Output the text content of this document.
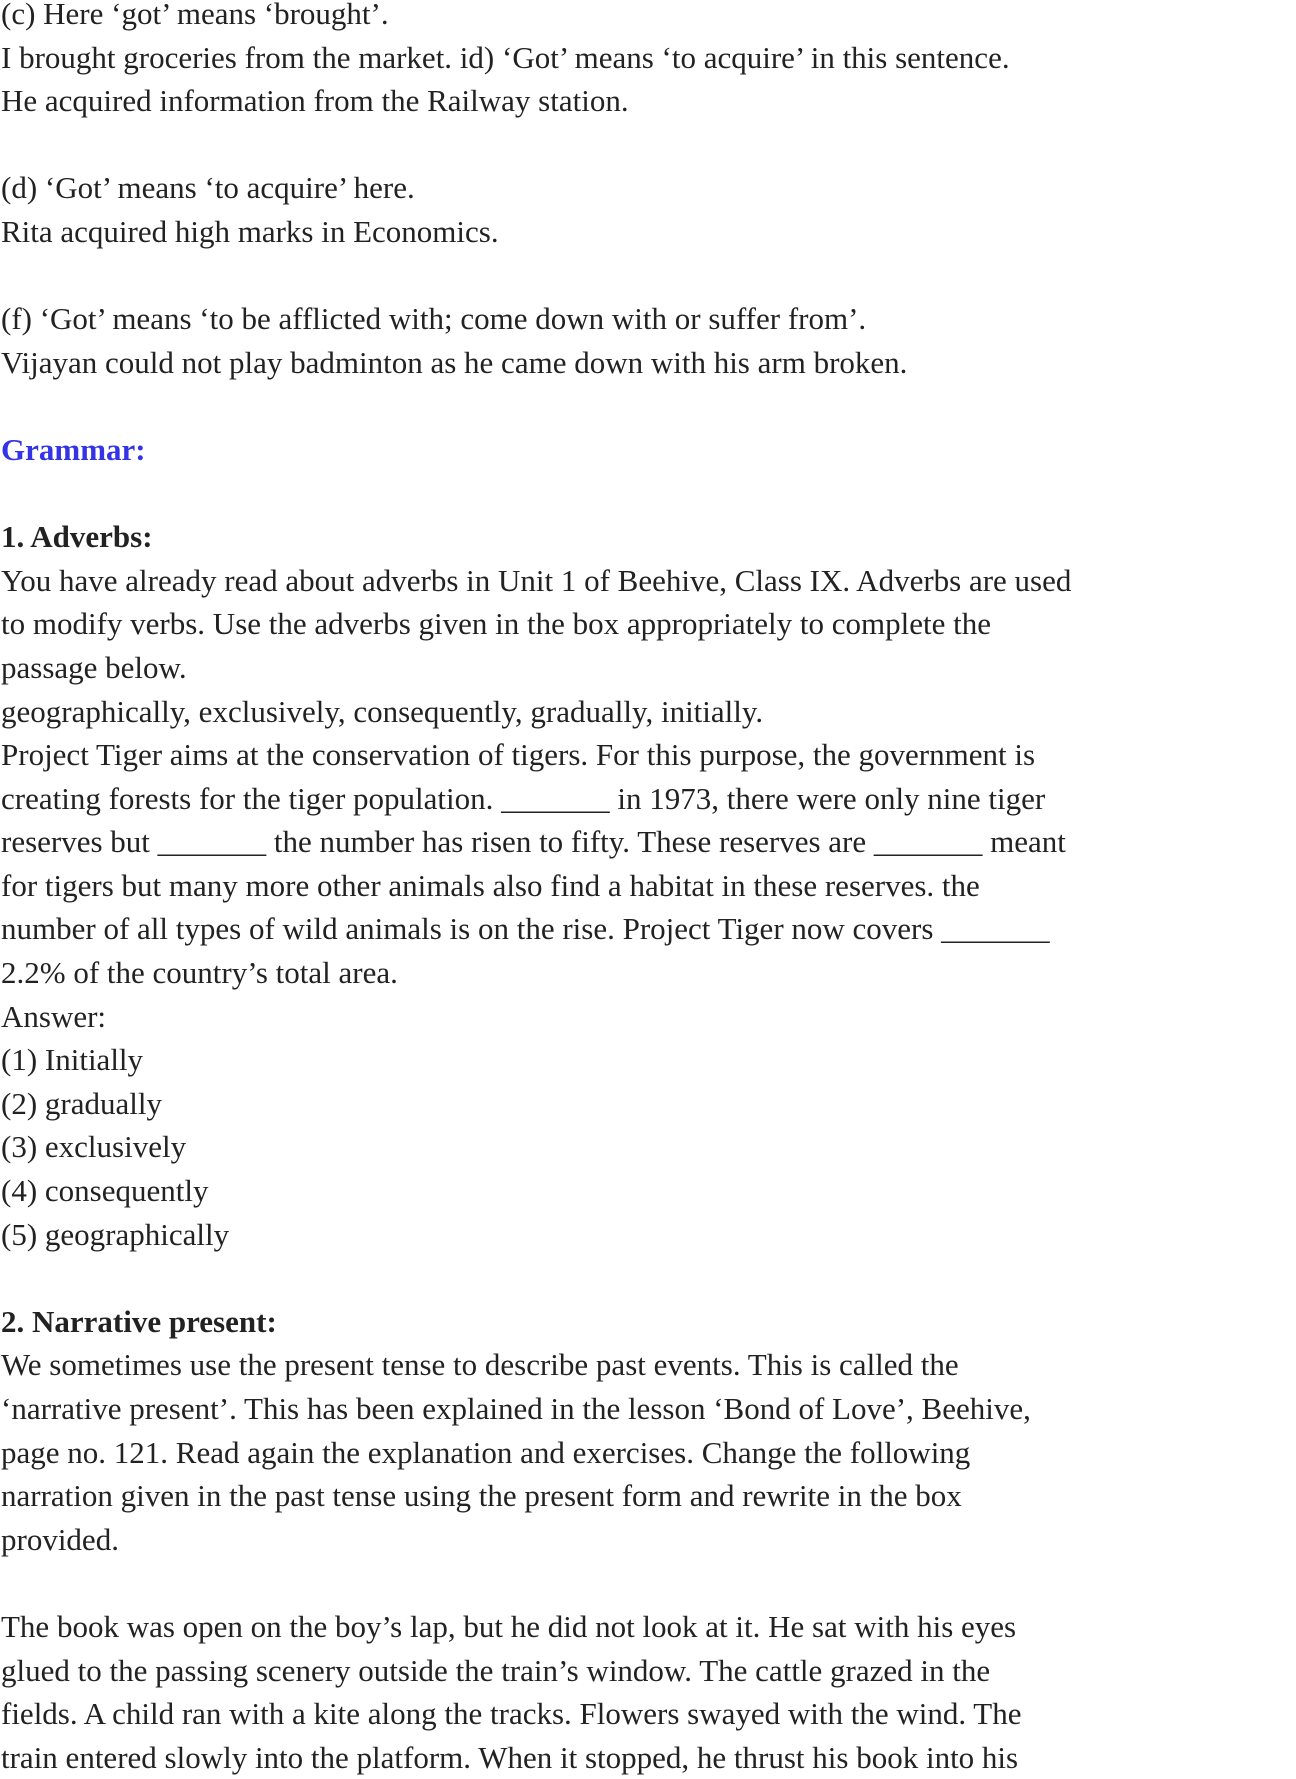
(c) Here ‘got’ means ‘brought’.
I brought groceries from the market. id) ‘Got’ means ‘to acquire’ in this sentence.
He acquired information from the Railway station.
(d) ‘Got’ means ‘to acquire’ here.
Rita acquired high marks in Economics.
(f) ‘Got’ means ‘to be afflicted with; come down with or suffer from’.
Vijayan could not play badminton as he came down with his arm broken.
Grammar:
1. Adverbs:
You have already read about adverbs in Unit 1 of Beehive, Class IX. Adverbs are used
to modify verbs. Use the adverbs given in the box appropriately to complete the
passage below.
geographically, exclusively, consequently, gradually, initially.
Project Tiger aims at the conservation of tigers. For this purpose, the government is
creating forests for the tiger population. _______ in 1973, there were only nine tiger
reserves but _______ the number has risen to fifty. These reserves are _______ meant
for tigers but many more other animals also find a habitat in these reserves. the
number of all types of wild animals is on the rise. Project Tiger now covers _______
2.2% of the country’s total area.
Answer:
(1) Initially
(2) gradually
(3) exclusively
(4) consequently
(5) geographically
2. Narrative present:
We sometimes use the present tense to describe past events. This is called the
‘narrative present’. This has been explained in the lesson ‘Bond of Love’, Beehive,
page no. 121. Read again the explanation and exercises. Change the following
narration given in the past tense using the present form and rewrite in the box
provided.
The book was open on the boy’s lap, but he did not look at it. He sat with his eyes
glued to the passing scenery outside the train’s window. The cattle grazed in the
fields. A child ran with a kite along the tracks. Flowers swayed with the wind. The
train entered slowly into the platform. When it stopped, he thrust his book into his
